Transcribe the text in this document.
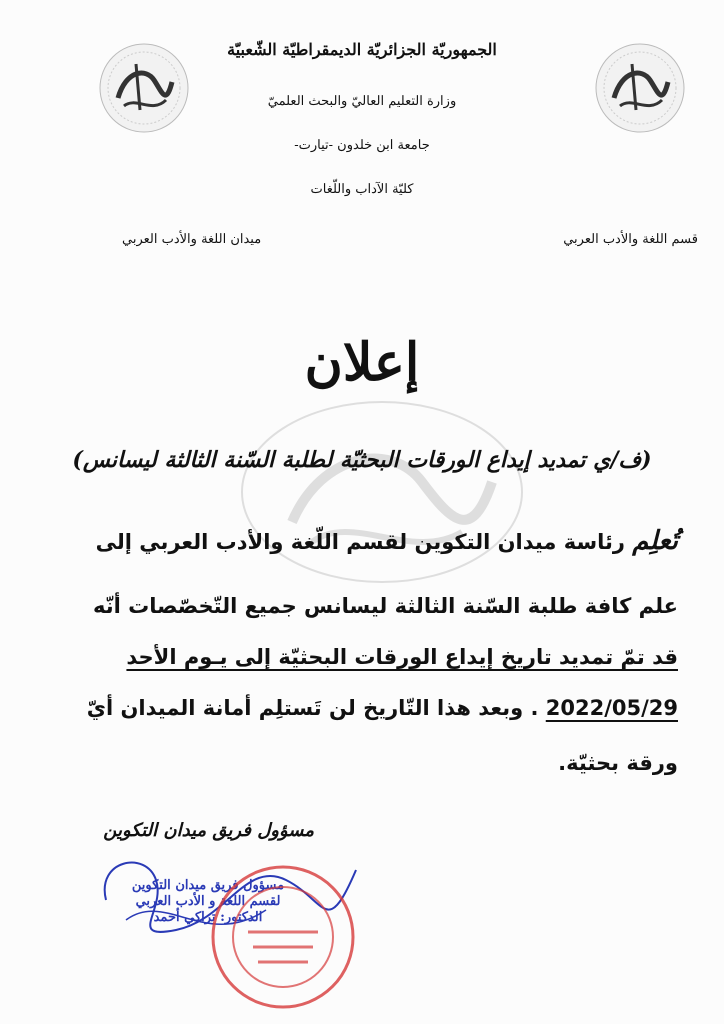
الجمهوريّة الجزائريّة الديمقراطيّة الشّعبيّة
وزارة التعليم العاليّ والبحث العلميّ
جامعة ابن خلدون -تيارت-
كليّة الآداب واللّغات
قسم اللغة والأدب العربي
ميدان اللغة والأدب العربي
إعلان
(ف/ي تمديد إيداع الورقات البحثيّة لطلبة السّنة الثالثة ليسانس)
تُعلِم رئاسة ميدان التكوين لقسم اللّغة والأدب العربي إلى
علم كافة طلبة السّنة الثالثة ليسانس جميع التّخصّصات أنّه
قد تمّ تمديد تاريخ إيداع الورقات البحثيّة إلى يـوم الأحد
2022/05/29 . وبعد هذا التّاريخ لن تَستلِم أمانة الميدان أيّ
ورقة بحثيّة.
مسؤول فريق ميدان التكوين
مسؤول فريق ميدان التكوين
لقسم اللغة و الأدب العربي
الدكتور: تراكي أحمد
